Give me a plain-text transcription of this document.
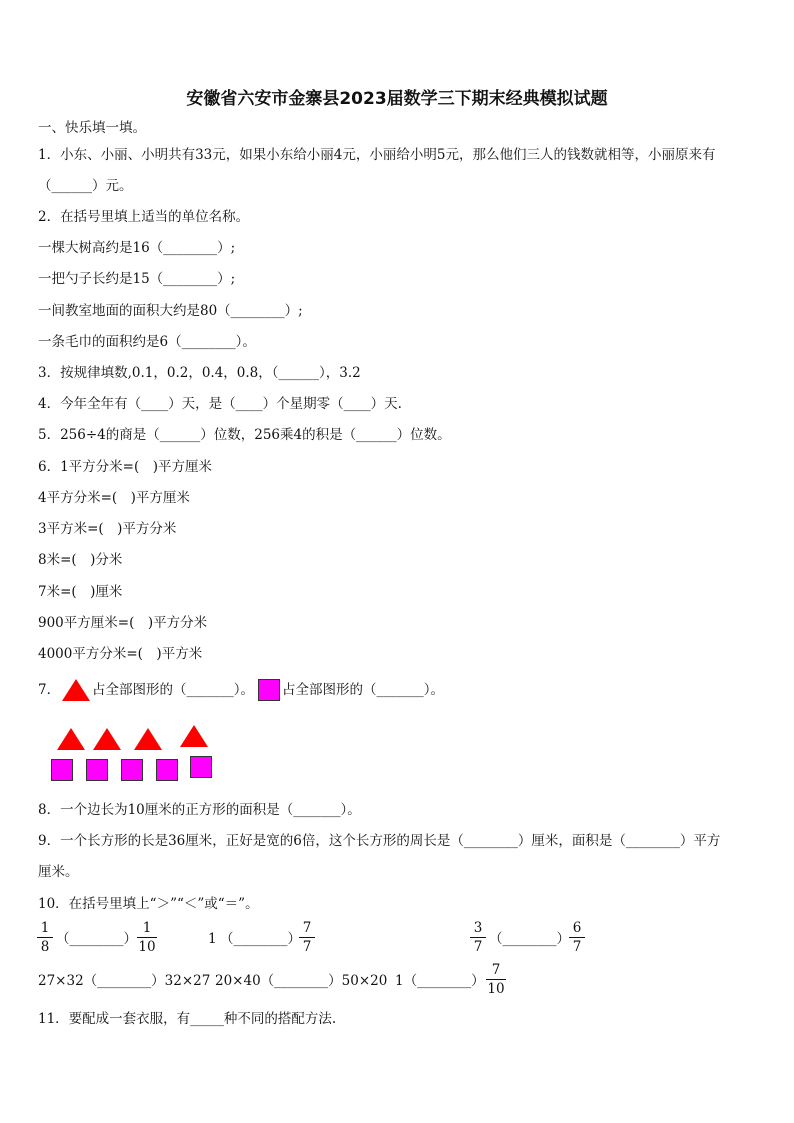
安徽省六安市金寨县2023届数学三下期末经典模拟试题
一、快乐填一填。
1．小东、小丽、小明共有33元，如果小东给小丽4元，小丽给小明5元，那么他们三人的钱数就相等，小丽原来有
（______）元。
2．在括号里填上适当的单位名称。
一棵大树高约是16（________）;
一把勺子长约是15（________）;
一间教室地面的面积大约是80（________）;
一条毛巾的面积约是6（________）。
3．按规律填数,0.1，0.2，0.4，0.8，（______），3.2
4．今年全年有（____）天，是（____）个星期零（____）天.
5．256÷4的商是（______）位数，256乘4的积是（______）位数。
6．1平方分米=(　)平方厘米
4平方分米=(　)平方厘米
3平方米=(　)平方分米
8米=(　)分米
7米=(　)厘米
900平方厘米=(　)平方分米
4000平方分米=(　)平方米
7． 占全部图形的（_______）。 占全部图形的（_______）。
8．一个边长为10厘米的正方形的面积是（_______）。
9．一个长方形的长是36厘米，正好是宽的6倍，这个长方形的周长是（________）厘米，面积是（________）平方
厘米。
10．在括号里填上“＞”“＜”或“＝”。
$\frac{1}{8}$ （________） $\frac{1}{10}$	1 （________）
$\frac{7}{7}$	$\frac{3}{7}$ （________） $\frac{6}{7}$
27×32（________）32×27 20×40（________）50×20 1（________） $\frac{7}{10}$
11．要配成一套衣服，有_____种不同的搭配方法.
